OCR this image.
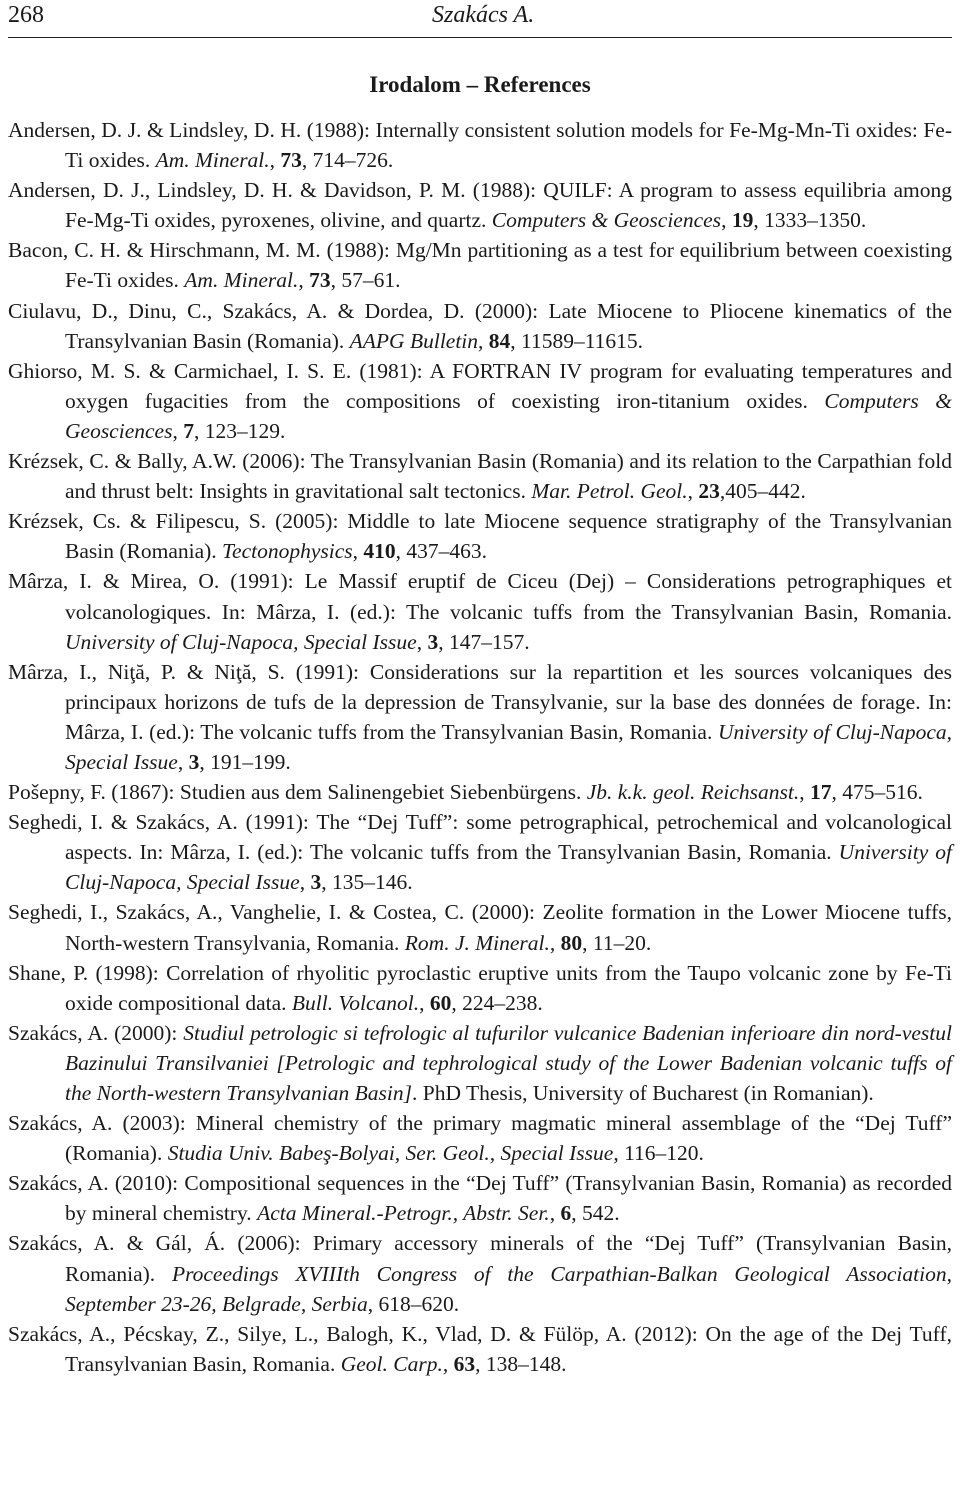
268	Szakács A.
Irodalom – References

Andersen, D. J. & Lindsley, D. H. (1988): Internally consistent solution models for Fe-Mg-Mn-Ti oxides: Fe-Ti oxides. Am. Mineral., 73, 714–726.

Andersen, D. J., Lindsley, D. H. & Davidson, P. M. (1988): QUILF: A program to assess equilibria among Fe-Mg-Ti oxides, pyroxenes, olivine, and quartz. Computers & Geosciences, 19, 1333–1350.

Bacon, C. H. & Hirschmann, M. M. (1988): Mg/Mn partitioning as a test for equilibrium between coexisting Fe-Ti oxides. Am. Mineral., 73, 57–61.

Ciulavu, D., Dinu, C., Szakács, A. & Dordea, D. (2000): Late Miocene to Pliocene kinematics of the Transylvanian Basin (Romania). AAPG Bulletin, 84, 11589–11615.

Ghiorso, M. S. & Carmichael, I. S. E. (1981): A FORTRAN IV program for evaluating temperatures and oxygen fugacities from the compositions of coexisting iron-titanium oxides. Computers & Geosciences, 7, 123–129.

Krézsek, C. & Bally, A.W. (2006): The Transylvanian Basin (Romania) and its relation to the Carpathian fold and thrust belt: Insights in gravitational salt tectonics. Mar. Petrol. Geol., 23,405–442.

Krézsek, Cs. & Filipescu, S. (2005): Middle to late Miocene sequence stratigraphy of the Transylvanian Basin (Romania). Tectonophysics, 410, 437–463.

Mârza, I. & Mirea, O. (1991): Le Massif eruptif de Ciceu (Dej) – Considerations petrographiques et volcanologiques. In: Mârza, I. (ed.): The volcanic tuffs from the Transylvanian Basin, Romania. University of Cluj-Napoca, Special Issue, 3, 147–157.

Mârza, I., Niţă, P. & Niţă, S. (1991): Considerations sur la repartition et les sources volcaniques des principaux horizons de tufs de la depression de Transylvanie, sur la base des données de forage. In: Mârza, I. (ed.): The volcanic tuffs from the Transylvanian Basin, Romania. University of Cluj-Napoca, Special Issue, 3, 191–199.

Pošepny, F. (1867): Studien aus dem Salinengebiet Siebenbürgens. Jb. k.k. geol. Reichsanst., 17, 475–516.

Seghedi, I. & Szakács, A. (1991): The “Dej Tuff”: some petrographical, petrochemical and volcanological aspects. In: Mârza, I. (ed.): The volcanic tuffs from the Transylvanian Basin, Romania. University of Cluj-Napoca, Special Issue, 3, 135–146.

Seghedi, I., Szakács, A., Vanghelie, I. & Costea, C. (2000): Zeolite formation in the Lower Miocene tuffs, North-western Transylvania, Romania. Rom. J. Mineral., 80, 11–20.

Shane, P. (1998): Correlation of rhyolitic pyroclastic eruptive units from the Taupo volcanic zone by Fe-Ti oxide compositional data. Bull. Volcanol., 60, 224–238.

Szakács, A. (2000): Studiul petrologic si tefrologic al tufurilor vulcanice Badenian inferioare din nord-vestul Bazinului Transilvaniei [Petrologic and tephrological study of the Lower Badenian volcanic tuffs of the North-western Transylvanian Basin]. PhD Thesis, University of Bucharest (in Romanian).

Szakács, A. (2003): Mineral chemistry of the primary magmatic mineral assemblage of the “Dej Tuff” (Romania). Studia Univ. Babeş-Bolyai, Ser. Geol., Special Issue, 116–120.

Szakács, A. (2010): Compositional sequences in the “Dej Tuff” (Transylvanian Basin, Romania) as recorded by mineral chemistry. Acta Mineral.-Petrogr., Abstr. Ser., 6, 542.

Szakács, A. & Gál, Á. (2006): Primary accessory minerals of the “Dej Tuff” (Transylvanian Basin, Romania). Proceedings XVIIIth Congress of the Carpathian-Balkan Geological Association, September 23-26, Belgrade, Serbia, 618–620.

Szakács, A., Pécskay, Z., Silye, L., Balogh, K., Vlad, D. & Fülöp, A. (2012): On the age of the Dej Tuff, Transylvanian Basin, Romania. Geol. Carp., 63, 138–148.
